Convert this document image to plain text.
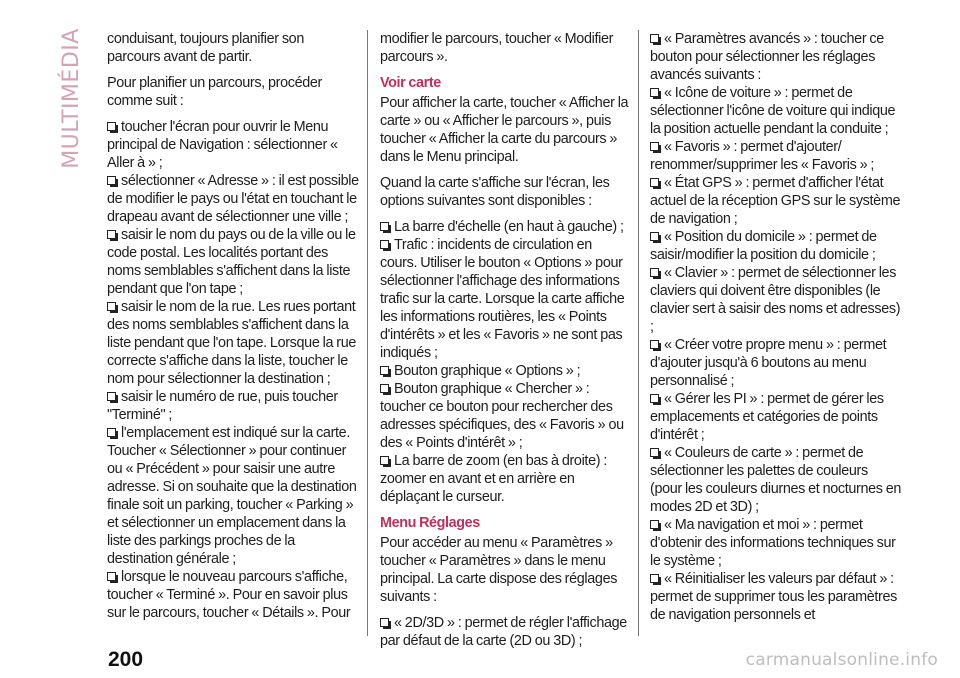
MULTIMÉDIA conduisant, toujours planifier son parcours avant de partir.

Pour planifier un parcours, procéder comme suit :

toucher l'écran pour ouvrir le Menu principal de Navigation : sélectionner « Aller à » ;

sélectionner « Adresse » : il est possible de modifier le pays ou l'état en touchant le drapeau avant de sélectionner une ville ;

saisir le nom du pays ou de la ville ou le code postal. Les localités portant des noms semblables s'affichent dans la liste pendant que l'on tape ;

saisir le nom de la rue. Les rues portant des noms semblables s'affichent dans la liste pendant que l'on tape. Lorsque la rue correcte s'affiche dans la liste, toucher le nom pour sélectionner la destination ;

saisir le numéro de rue, puis toucher "Terminé" ;

l'emplacement est indiqué sur la carte. Toucher « Sélectionner » pour continuer ou « Précédent » pour saisir une autre adresse. Si on souhaite que la destination finale soit un parking, toucher « Parking » et sélectionner un emplacement dans la liste des parkings proches de la destination générale ;

lorsque le nouveau parcours s'affiche, toucher « Terminé ». Pour en savoir plus sur le parcours, toucher « Détails ». Pour

modifier le parcours, toucher « Modifier parcours ».

Voir carte

Pour afficher la carte, toucher « Afficher la carte » ou « Afficher le parcours », puis toucher « Afficher la carte du parcours » dans le Menu principal.

Quand la carte s'affiche sur l'écran, les options suivantes sont disponibles :

La barre d'échelle (en haut à gauche) ;

Trafic : incidents de circulation en cours. Utiliser le bouton « Options » pour sélectionner l'affichage des informations trafic sur la carte. Lorsque la carte affiche les informations routières, les « Points d'intérêts » et les « Favoris » ne sont pas indiqués ;

Bouton graphique « Options » ;

Bouton graphique « Chercher » : toucher ce bouton pour rechercher des adresses spécifiques, des « Favoris » ou des « Points d'intérêt » ;

La barre de zoom (en bas à droite) : zoomer en avant et en arrière en déplaçant le curseur.

Menu Réglages

Pour accéder au menu « Paramètres » toucher « Paramètres » dans le menu principal. La carte dispose des réglages suivants :

« 2D/3D » : permet de régler l'affichage par défaut de la carte (2D ou 3D) ;

« Paramètres avancés » : toucher ce bouton pour sélectionner les réglages avancés suivants :

« Icône de voiture » : permet de sélectionner l'icône de voiture qui indique la position actuelle pendant la conduite ;

« Favoris » : permet d'ajouter/ renommer/supprimer les « Favoris » ;

« État GPS » : permet d'afficher l'état actuel de la réception GPS sur le système de navigation ;

« Position du domicile » : permet de saisir/modifier la position du domicile ;

« Clavier » : permet de sélectionner les claviers qui doivent être disponibles (le clavier sert à saisir des noms et adresses) ;

« Créer votre propre menu » : permet d'ajouter jusqu'à 6 boutons au menu personnalisé ;

« Gérer les PI » : permet de gérer les emplacements et catégories de points d'intérêt ;

« Couleurs de carte » : permet de sélectionner les palettes de couleurs (pour les couleurs diurnes et nocturnes en modes 2D et 3D) ;

« Ma navigation et moi » : permet d'obtenir des informations techniques sur le système ;

« Réinitialiser les valeurs par défaut » : permet de supprimer tous les paramètres de navigation personnels et

200	carmanualsonline.info
